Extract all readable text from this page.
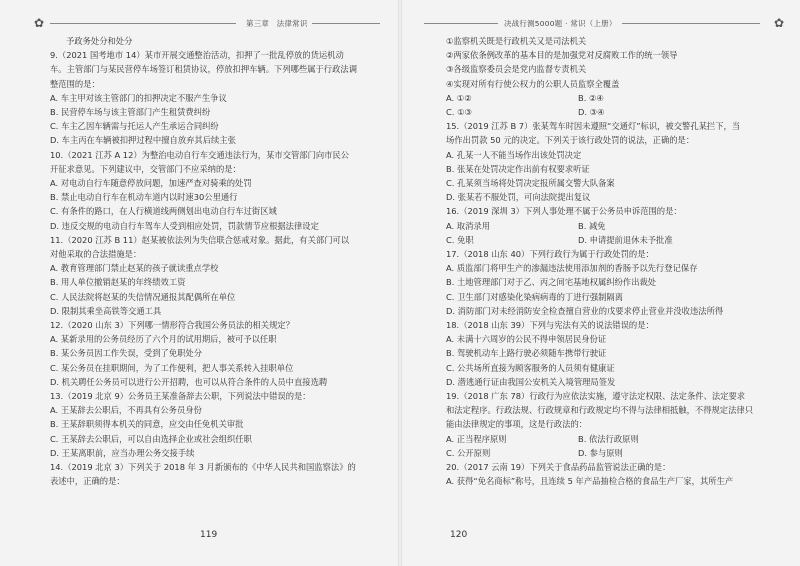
✿	第三章　法律常识
予政务处分和处分
9.（2021 国考地市 14）某市开展交通整治活动，扣押了一批乱停放的货运机动
车。主管部门与某民营停车场签订租赁协议，停放扣押车辆。下列哪些属于行政法调
整范围的是：
A. 车主甲对该主管部门的扣押决定不服产生争议
B. 民营停车场与该主管部门产生租赁费纠纷
C. 车主乙因车辆需与托运人产生承运合同纠纷
D. 车主丙在车辆被扣押过程中擅自放弃其后续主张
10.（2021 江苏 A 12）为整治电动自行车交通违法行为，某市交管部门向市民公
开征求意见。下列建议中，交管部门不应采纳的是：
A. 对电动自行车随意停放问题，加速严查对骑乘的处罚
B. 禁止电动自行车在机动车道内以时速30公里通行
C. 有条件的路口，在人行横道线两侧划出电动自行车过街区域
D. 违反交规的电动自行车驾车人受到相应处罚，罚款情节应根据法律设定
11.（2020 江苏 B 11）赵某被依法列为失信联合惩戒对象。据此，有关部门可以
对他采取的合法措施是：
A. 教育管理部门禁止赵某的孩子就读重点学校
B. 用人单位撤销赵某的年终绩效工资
C. 人民法院将赵某的失信情况通报其配偶所在单位
D. 限制其乘坐高铁等交通工具
12.（2020 山东 3）下列哪一情形符合我国公务员法的相关规定？
A. 某新录用的公务员经历了六个月的试用期后，被可予以任职
B. 某公务员因工作失误，受到了免职处分
C. 某公务员在挂职期间，为了工作便利，把人事关系转入挂职单位
D. 机关聘任公务员可以进行公开招聘，也可以从符合条件的人员中直接选聘
13.（2019 北京 9）公务员王某准备辞去公职，下列说法中错误的是：
A. 王某辞去公职后，不再具有公务员身份
B. 王某辞职须得本机关的同意，应交由任免机关审批
C. 王某辞去公职后，可以自由选择企业或社会组织任职
D. 王某离职前，应当办理公务交接手续
14.（2019 北京 3）下列关于 2018 年 3 月新颁布的《中华人民共和国监察法》的
表述中，正确的是：
119
决战行测5000题 · 常识（上册）	✿
①监察机关既是行政机关又是司法机关
②两家依条例改革的基本目的是加强党对反腐败工作的统一领导
③各级监察委员会是党内监督专责机关
④实现对所有行使公权力的公职人员监察全覆盖
A. ①②	B. ②④
C. ①③	D. ③④
15.（2019 江苏 B 7）张某驾车时因未遵照“交通灯”标识，被交警孔某拦下，当
场作出罚款 50 元的决定。下列关于该行政处罚的说法，正确的是：
A. 孔某一人不能当场作出该处罚决定
B. 张某在处罚决定作出前有权要求听证
C. 孔某须当场将处罚决定报所属交警大队备案
D. 张某若不服处罚，可向法院提出复议
16.（2019 深圳 3）下列人事处理不属于公务员申诉范围的是：
A. 取消录用	B. 减免
C. 免职	D. 申请提前退休未予批准
17.（2018 山东 40）下列行政行为属于行政处罚的是：
A. 质监部门将甲生产的渗漏违法使用添加剂的香肠予以先行登记保存
B. 土地管理部门对于乙、丙之间宅基地权属纠纷作出裁处
C. 卫生部门对感染化染病病毒的丁进行强制隔离
D. 消防部门对未经消防安全检查擅自营业的戊要求停止营业并没收违法所得
18.（2018 山东 39）下列与宪法有关的说法错误的是：
A. 未满十六周岁的公民不得申领居民身份证
B. 驾驶机动车上路行驶必须随车携带行驶证
C. 公共场所直接为顾客服务的人员须有健康证
D. 潜逃通行证由我国公安机关入境管理局签发
19.（2018 广东 78）行政行为应依法实施，遵守法定权限、法定条件、法定要求
和法定程序。行政法规、行政规章和行政规定均不得与法律相抵触，不得规定法律只
能由法律规定的事项，这是行政法的：
A. 正当程序原则	B. 依法行政原则
C. 公开原则	D. 参与原则
20.（2017 云南 19）下列关于食品药品监管说法正确的是：
A. 获得“免名商标”称号，且连续 5 年产品抽检合格的食品生产厂家，其所生产
120
